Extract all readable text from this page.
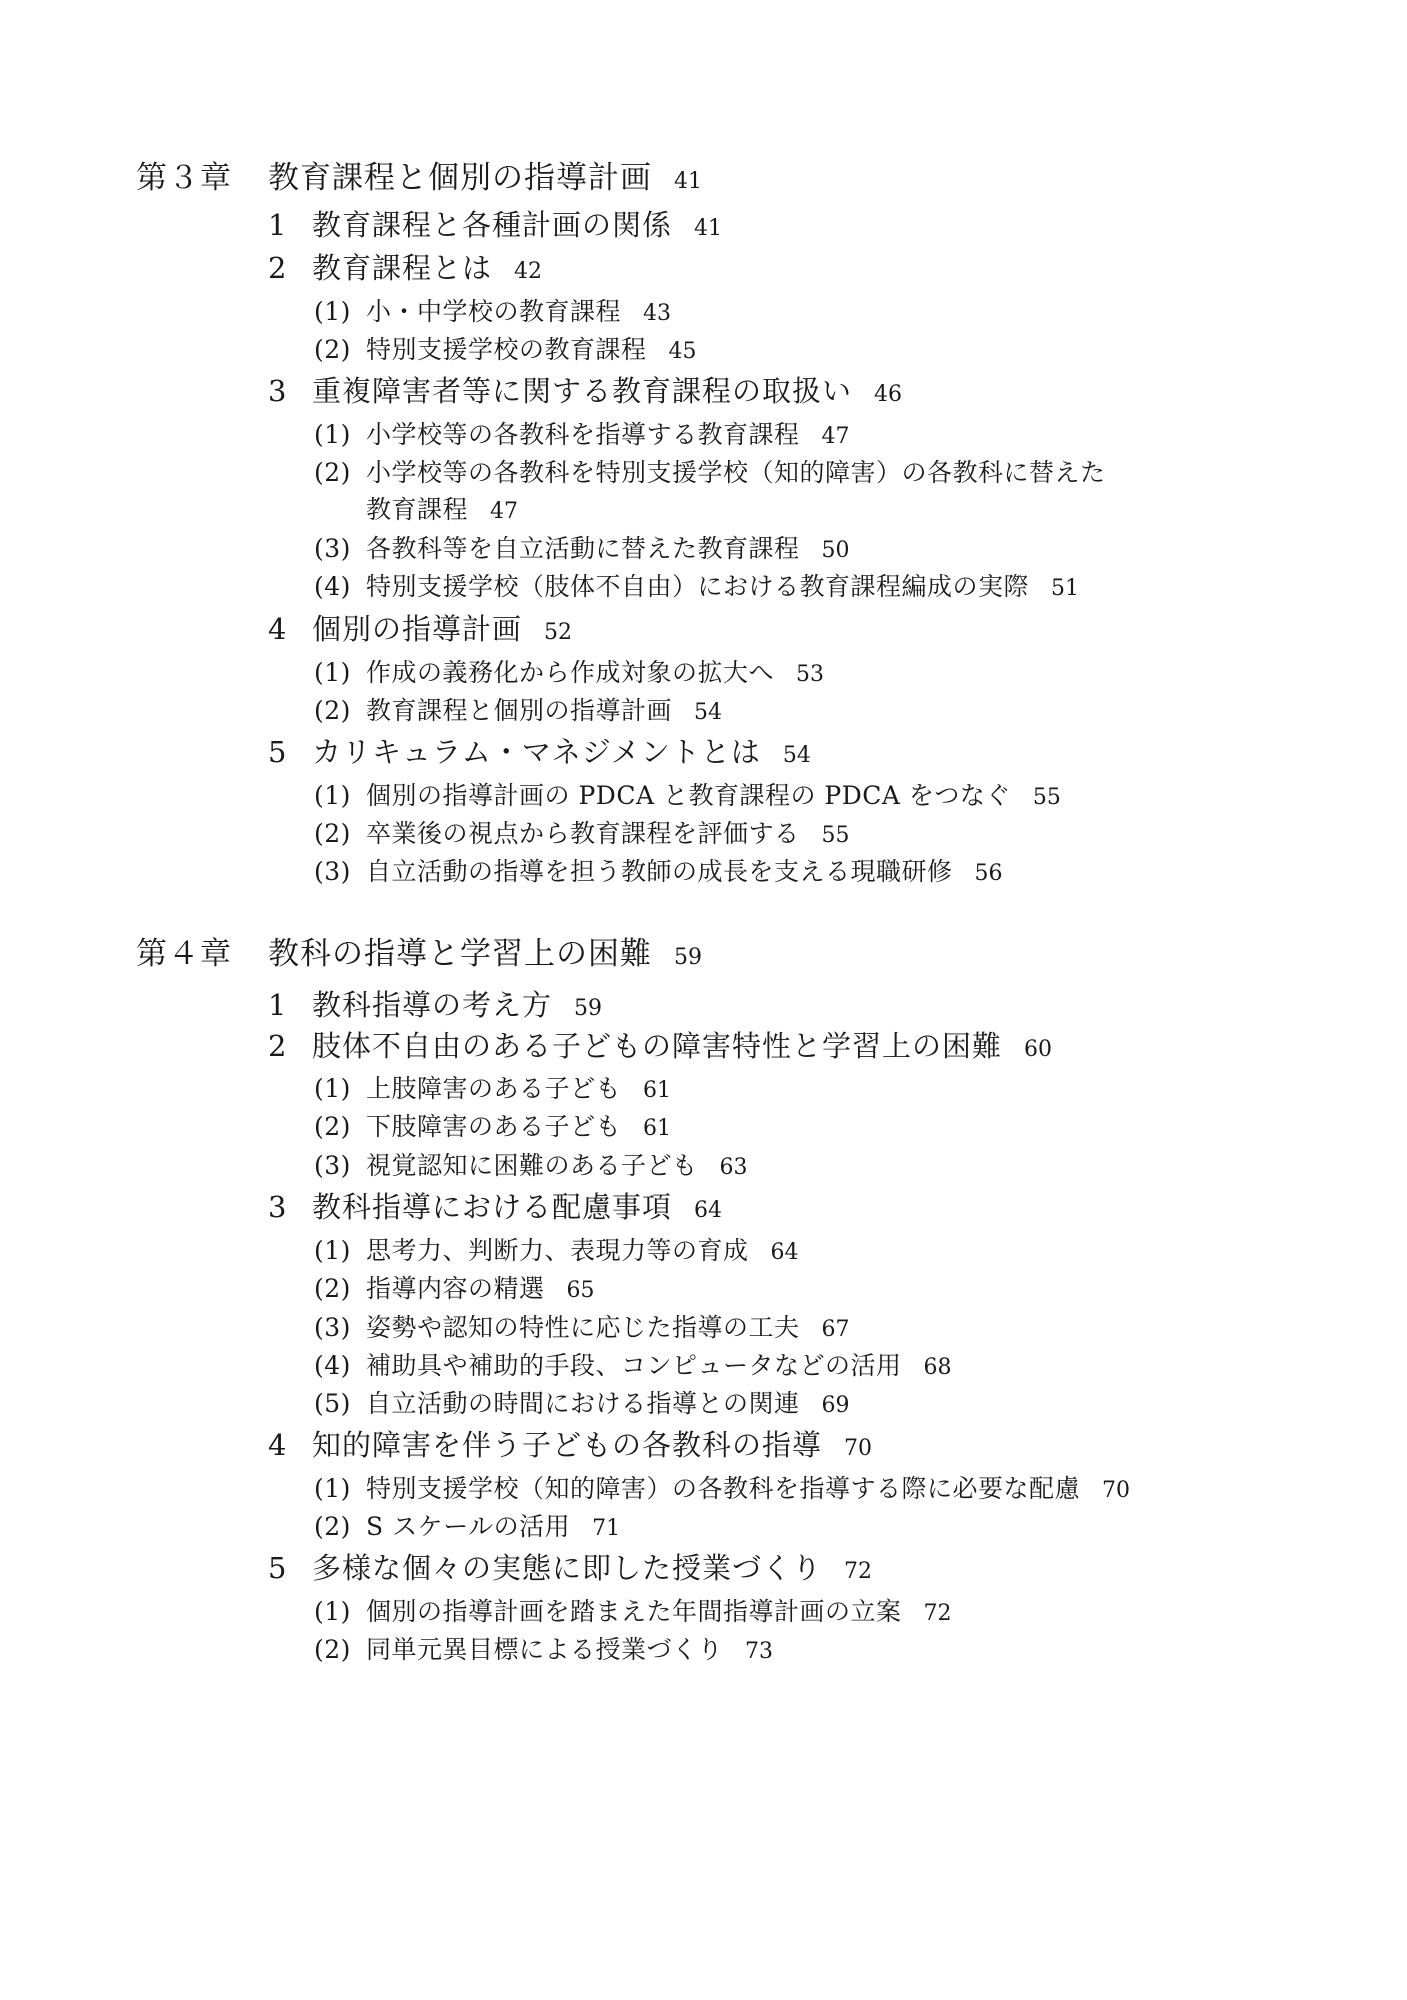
第３章 教育課程と個別の指導計画 41
1 教育課程と各種計画の関係 41
2 教育課程とは 42
(1) 小・中学校の教育課程 43
(2) 特別支援学校の教育課程 45
3 重複障害者等に関する教育課程の取扱い 46
(1) 小学校等の各教科を指導する教育課程 47
(2) 小学校等の各教科を特別支援学校（知的障害）の各教科に替えた
教育課程 47
(3) 各教科等を自立活動に替えた教育課程 50
(4) 特別支援学校（肢体不自由）における教育課程編成の実際 51
4 個別の指導計画 52
(1) 作成の義務化から作成対象の拡大へ 53
(2) 教育課程と個別の指導計画 54
5 カリキュラム・マネジメントとは 54
(1) 個別の指導計画の PDCA と教育課程の PDCA をつなぐ 55
(2) 卒業後の視点から教育課程を評価する 55
(3) 自立活動の指導を担う教師の成長を支える現職研修 56
第４章 教科の指導と学習上の困難 59
1 教科指導の考え方 59
2 肢体不自由のある子どもの障害特性と学習上の困難 60
(1) 上肢障害のある子ども 61
(2) 下肢障害のある子ども 61
(3) 視覚認知に困難のある子ども 63
3 教科指導における配慮事項 64
(1) 思考力、判断力、表現力等の育成 64
(2) 指導内容の精選 65
(3) 姿勢や認知の特性に応じた指導の工夫 67
(4) 補助具や補助的手段、コンピュータなどの活用 68
(5) 自立活動の時間における指導との関連 69
4 知的障害を伴う子どもの各教科の指導 70
(1) 特別支援学校（知的障害）の各教科を指導する際に必要な配慮 70
(2) S スケールの活用 71
5 多様な個々の実態に即した授業づくり 72
(1) 個別の指導計画を踏まえた年間指導計画の立案 72
(2) 同単元異目標による授業づくり 73
